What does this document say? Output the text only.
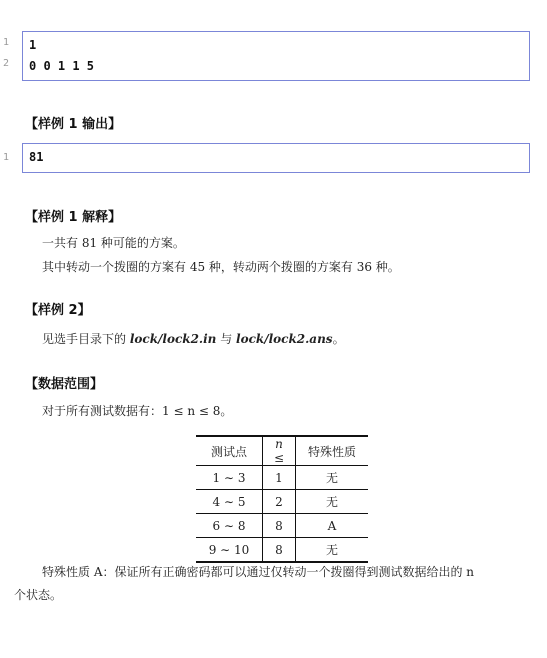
1
2
1
0 0 1 1 5
【样例 1 输出】
1 81
【样例 1 解释】
一共有 81 种可能的方案。
其中转动一个拨圈的方案有 45 种，转动两个拨圈的方案有 36 种。
【样例 2】
见选手目录下的 lock/lock2.in 与 lock/lock2.ans。
【数据范围】
对于所有测试数据有：1 ≤ n ≤ 8。
测试点	n ≤	特殊性质
1 ∼ 3	1	无
4 ∼ 5	2	无
6 ∼ 8	8	A
9 ∼ 10	8	无
特殊性质 A：保证所有正确密码都可以通过仅转动一个拨圈得到测试数据给出的 n
个状态。
